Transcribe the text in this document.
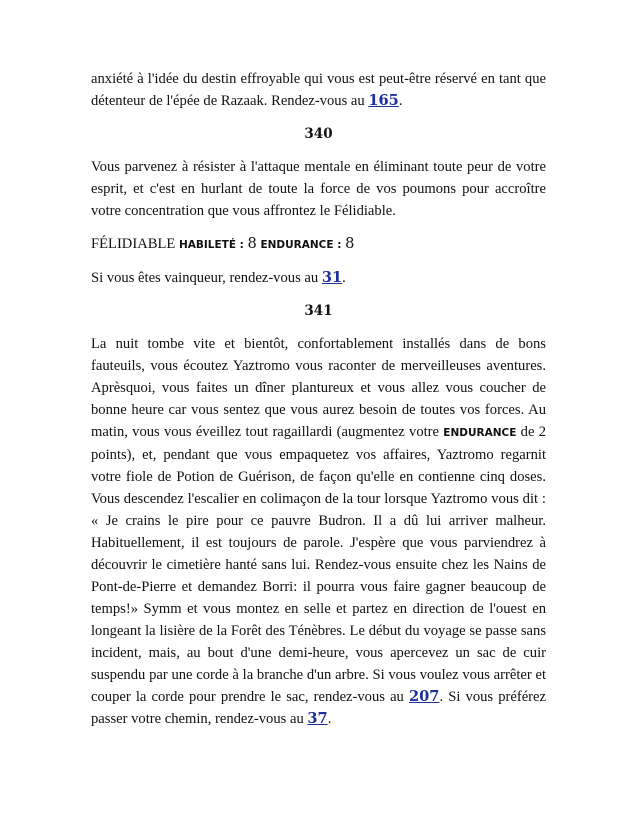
anxiété à l'idée du destin effroyable qui vous est peut-être réservé en tant que détenteur de l'épée de Razaak. Rendez-vous au 165.

340

Vous parvenez à résister à l'attaque mentale en éliminant toute peur de votre esprit, et c'est en hurlant de toute la force de vos poumons pour accroître votre concentration que vous affrontez le Félidiable.

FÉLIDIABLE HABILETÉ : 8 ENDURANCE : 8

Si vous êtes vainqueur, rendez-vous au 31.

341

La nuit tombe vite et bientôt, confortablement installés dans de bons fauteuils, vous écoutez Yaztromo vous raconter de merveilleuses aventures. Aprèsquoi, vous faites un dîner plantureux et vous allez vous coucher de bonne heure car vous sentez que vous aurez besoin de toutes vos forces. Au matin, vous vous éveillez tout ragaillardi (augmentez votre ENDURANCE de 2 points), et, pendant que vous empaquetez vos affaires, Yaztromo regarnit votre fiole de Potion de Guérison, de façon qu'elle en contienne cinq doses. Vous descendez l'escalier en colimaçon de la tour lorsque Yaztromo vous dit : « Je crains le pire pour ce pauvre Budron. Il a dû lui arriver malheur. Habituellement, il est toujours de parole. J'espère que vous parviendrez à découvrir le cimetière hanté sans lui. Rendez-vous ensuite chez les Nains de Pont-de-Pierre et demandez Borri: il pourra vous faire gagner beaucoup de temps!» Symm et vous montez en selle et partez en direction de l'ouest en longeant la lisière de la Forêt des Ténèbres. Le début du voyage se passe sans incident, mais, au bout d'une demi-heure, vous apercevez un sac de cuir suspendu par une corde à la branche d'un arbre. Si vous voulez vous arrêter et couper la corde pour prendre le sac, rendez-vous au 207. Si vous préférez passer votre chemin, rendez-vous au 37.
